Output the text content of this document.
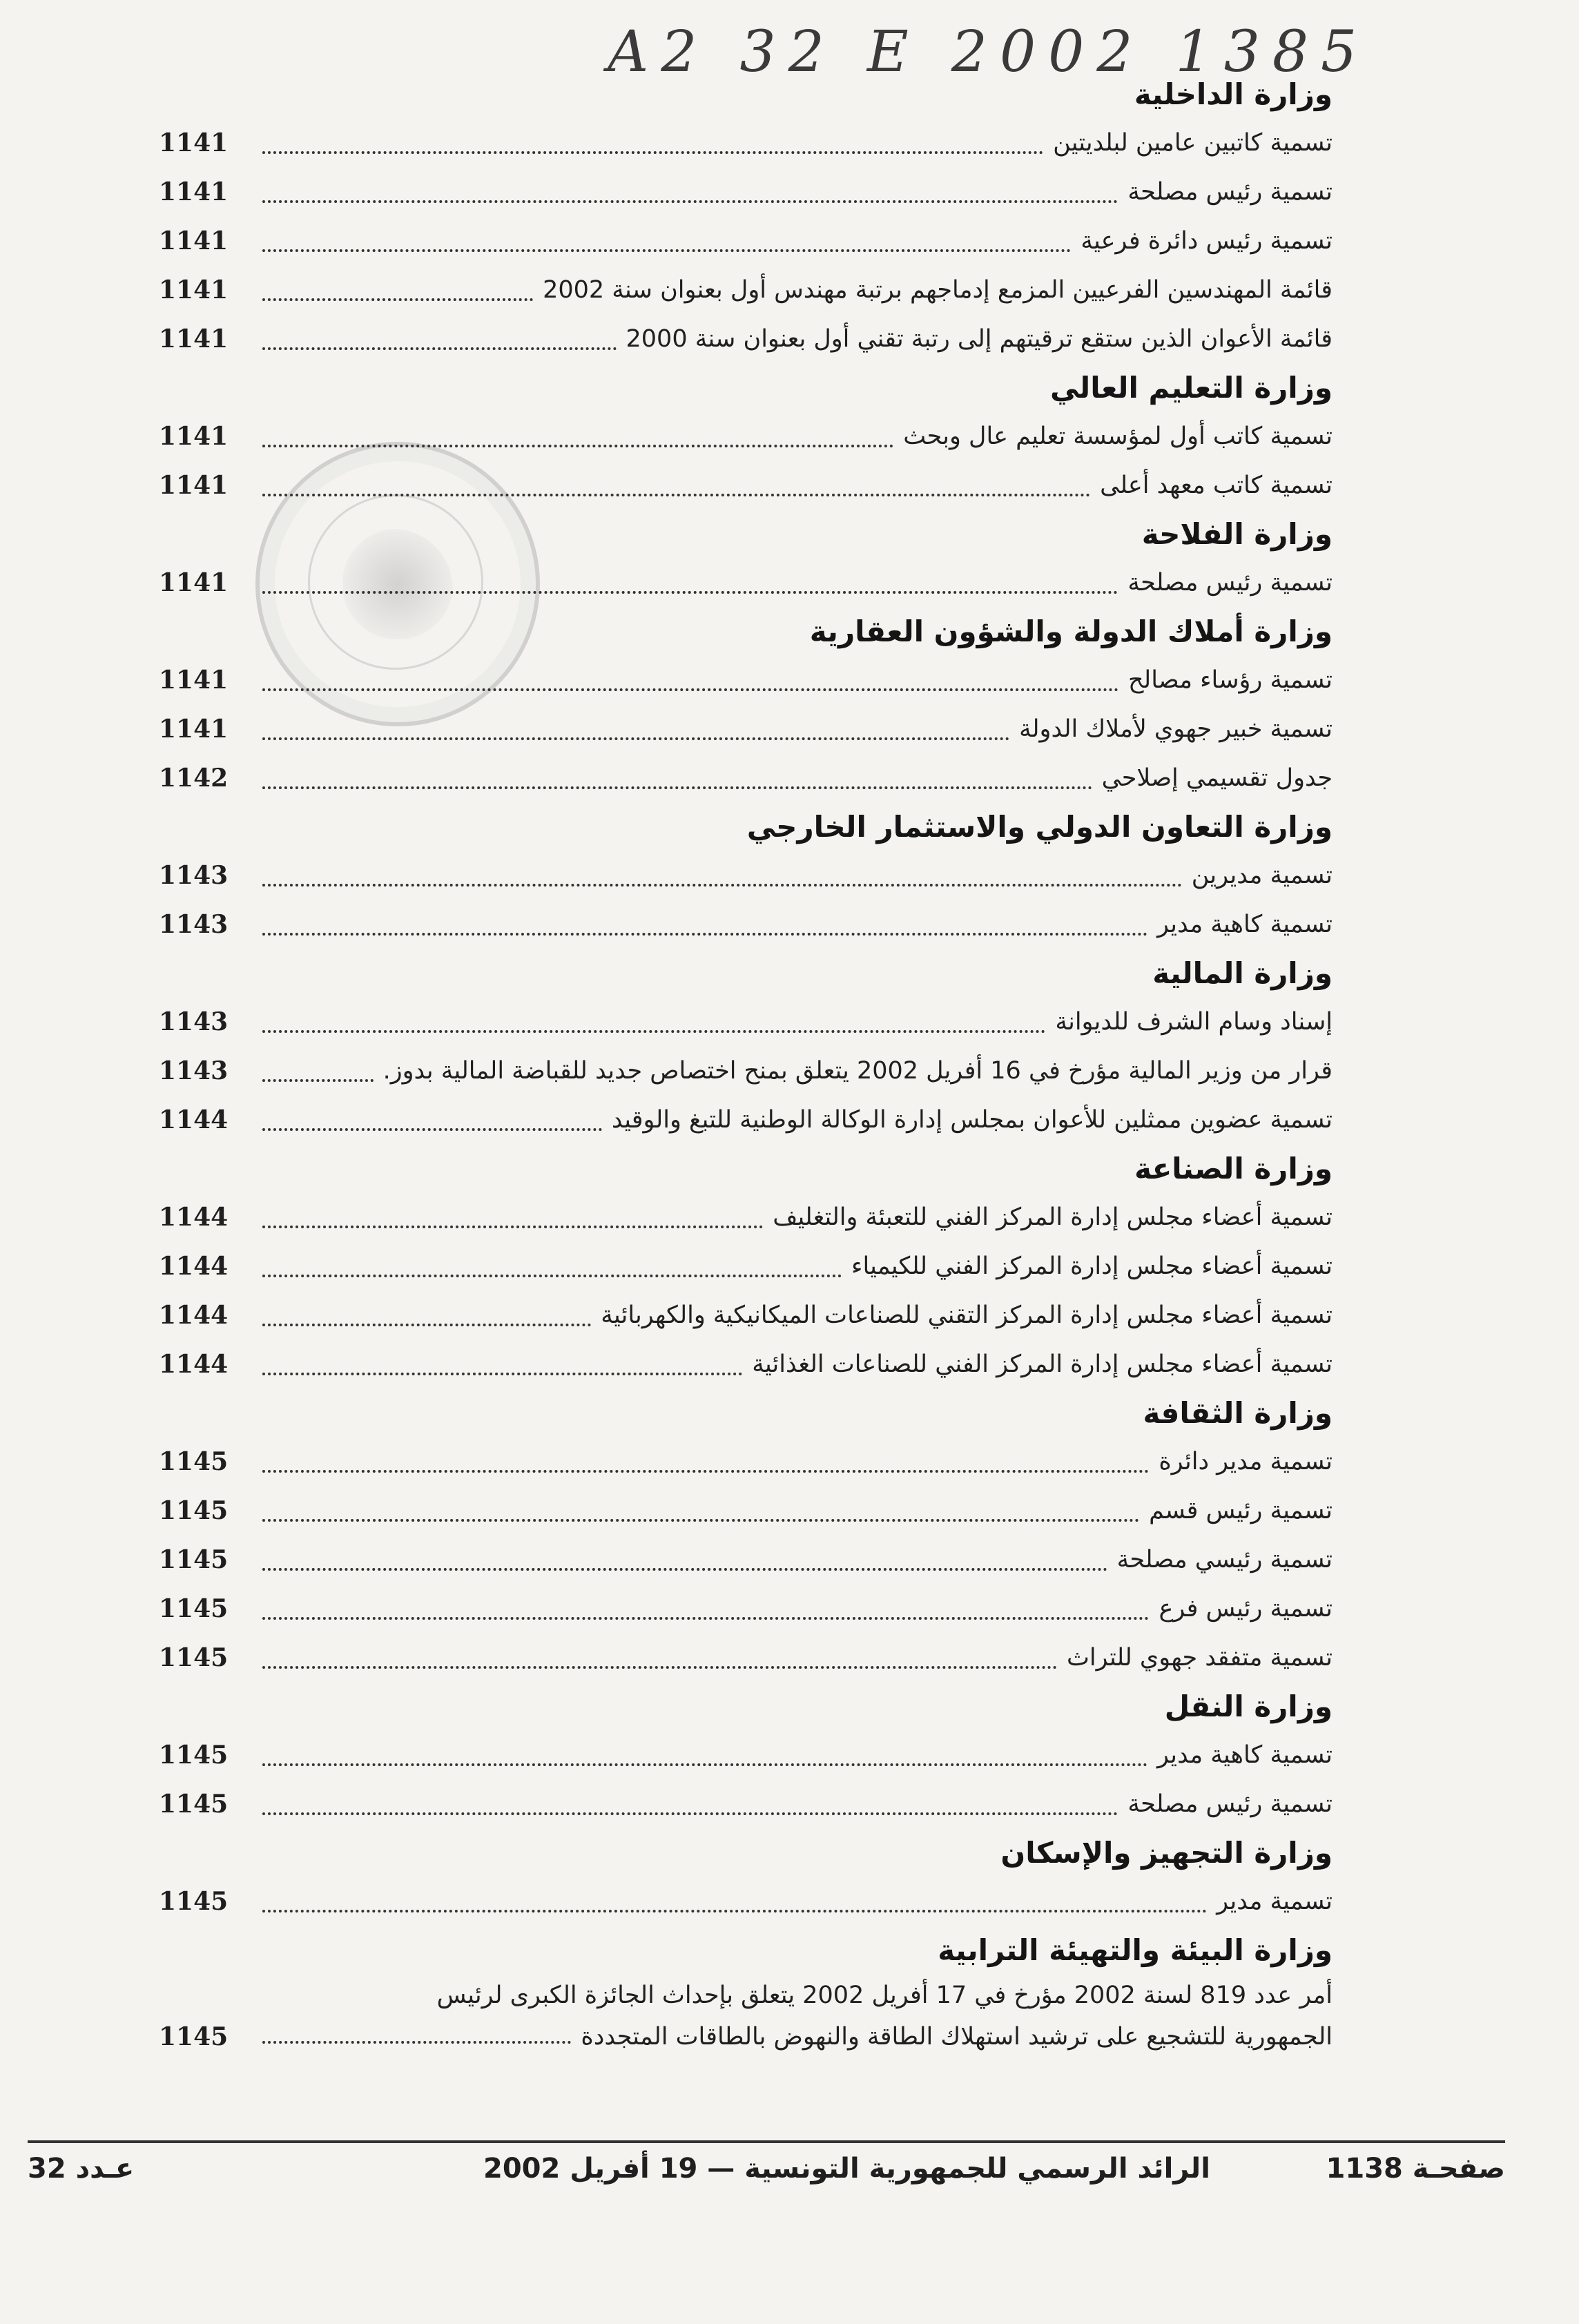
A2 32 E 2002 1385
وزارة الداخلية
1141	تسمية كاتبين عامين لبلديتين
1141	تسمية رئيس مصلحة
1141	تسمية رئيس دائرة فرعية
1141	قائمة المهندسين الفرعيين المزمع إدماجهم برتبة مهندس أول بعنوان سنة 2002
1141	قائمة الأعوان الذين ستقع ترقيتهم إلى رتبة تقني أول بعنوان سنة 2000
وزارة التعليم العالي
1141	تسمية كاتب أول لمؤسسة تعليم عال وبحث
1141	تسمية كاتب معهد أعلى
وزارة الفلاحة
1141	تسمية رئيس مصلحة
وزارة أملاك الدولة والشؤون العقارية
1141	تسمية رؤساء مصالح
1141	تسمية خبير جهوي لأملاك الدولة
1142	جدول تقسيمي إصلاحي
وزارة التعاون الدولي والاستثمار الخارجي
1143	تسمية مديرين
1143	تسمية كاهية مدير
وزارة المالية
1143	إسناد وسام الشرف للديوانة
1143	قرار من وزير المالية مؤرخ في 16 أفريل 2002 يتعلق بمنح اختصاص جديد للقباضة المالية بدوز.
1144	تسمية عضوين ممثلين للأعوان بمجلس إدارة الوكالة الوطنية للتبغ والوقيد
وزارة الصناعة
1144	تسمية أعضاء مجلس إدارة المركز الفني للتعبئة والتغليف
1144	تسمية أعضاء مجلس إدارة المركز الفني للكيمياء
1144	تسمية أعضاء مجلس إدارة المركز التقني للصناعات الميكانيكية والكهربائية
1144	تسمية أعضاء مجلس إدارة المركز الفني للصناعات الغذائية
وزارة الثقافة
1145	تسمية مدير دائرة
1145	تسمية رئيس قسم
1145	تسمية رئيسي مصلحة
1145	تسمية رئيس فرع
1145	تسمية متفقد جهوي للتراث
وزارة النقل
1145	تسمية كاهية مدير
1145	تسمية رئيس مصلحة
وزارة التجهيز والإسكان
1145	تسمية مدير
وزارة البيئة والتهيئة الترابية
أمر عدد 819 لسنة 2002 مؤرخ في 17 أفريل 2002 يتعلق بإحداث الجائزة الكبرى لرئيس
1145	الجمهورية للتشجيع على ترشيد استهلاك الطاقة والنهوض بالطاقات المتجددة
عـدد 32	الرائد الرسمي للجمهورية التونسية — 19 أفريل 2002	صفحـة 1138
